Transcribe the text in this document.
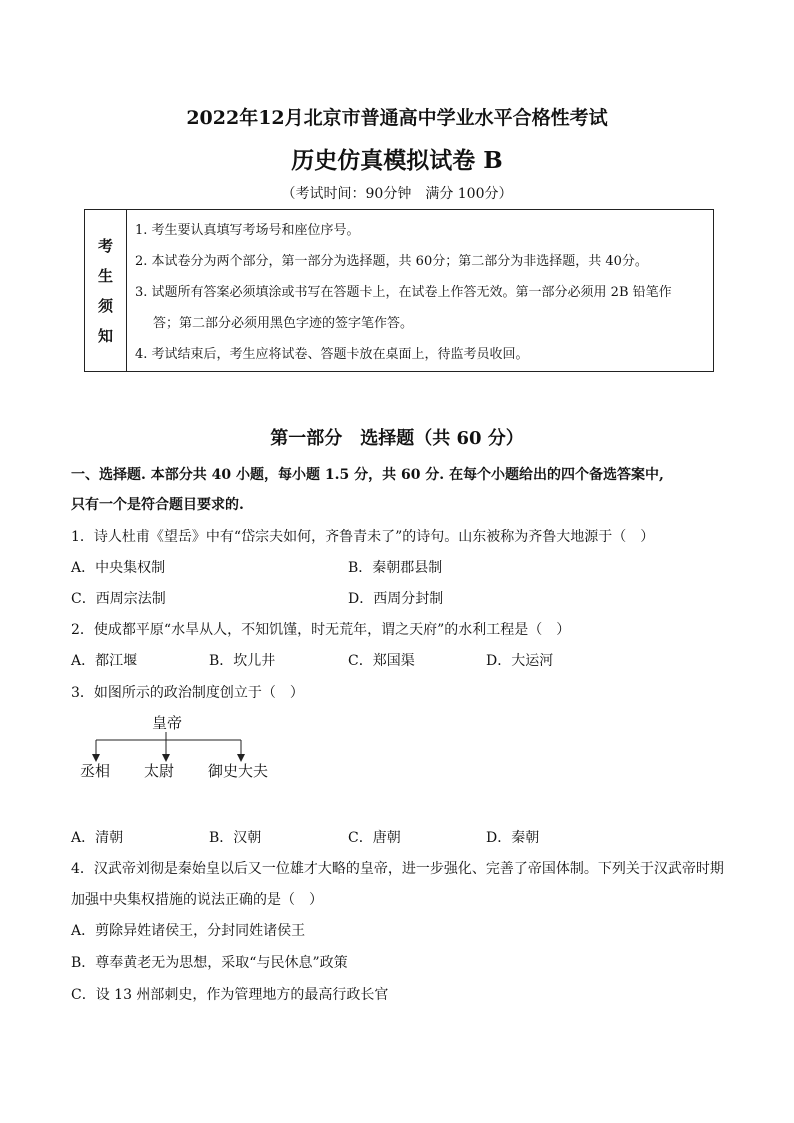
2022年12月北京市普通高中学业水平合格性考试
历史仿真模拟试卷 B
（考试时间：90分钟　满分 100分）
考
生
须
知
1. 考生要认真填写考场号和座位序号。
2. 本试卷分为两个部分，第一部分为选择题，共 60分；第二部分为非选择题，共 40分。
3. 试题所有答案必须填涂或书写在答题卡上，在试卷上作答无效。第一部分必须用 2B 铅笔作
答；第二部分必须用黑色字迹的签字笔作答。
4. 考试结束后，考生应将试卷、答题卡放在桌面上，待监考员收回。
第一部分　选择题（共 60 分）
一、选择题. 本部分共 40 小题，每小题 1.5 分，共 60 分. 在每个小题给出的四个备选答案中,
只有一个是符合题目要求的.
1．诗人杜甫《望岳》中有“岱宗夫如何，齐鲁青未了”的诗句。山东被称为齐鲁大地源于（　）
A．中央集权制	B．秦朝郡县制
C．西周宗法制	D．西周分封制
2．使成都平原“水旱从人，不知饥馑，时无荒年，谓之天府”的水利工程是（　）
A．都江堰	B．坎儿井	C．郑国渠	D．大运河
3．如图所示的政治制度创立于（　）
皇帝
丞相 太尉 御史大夫
A．清朝	B．汉朝	C．唐朝	D．秦朝
4．汉武帝刘彻是秦始皇以后又一位雄才大略的皇帝，进一步强化、完善了帝国体制。下列关于汉武帝时期
加强中央集权措施的说法正确的是（　）
A．剪除异姓诸侯王，分封同姓诸侯王
B．尊奉黄老无为思想，采取“与民休息”政策
C．设 13 州部刺史，作为管理地方的最高行政长官
